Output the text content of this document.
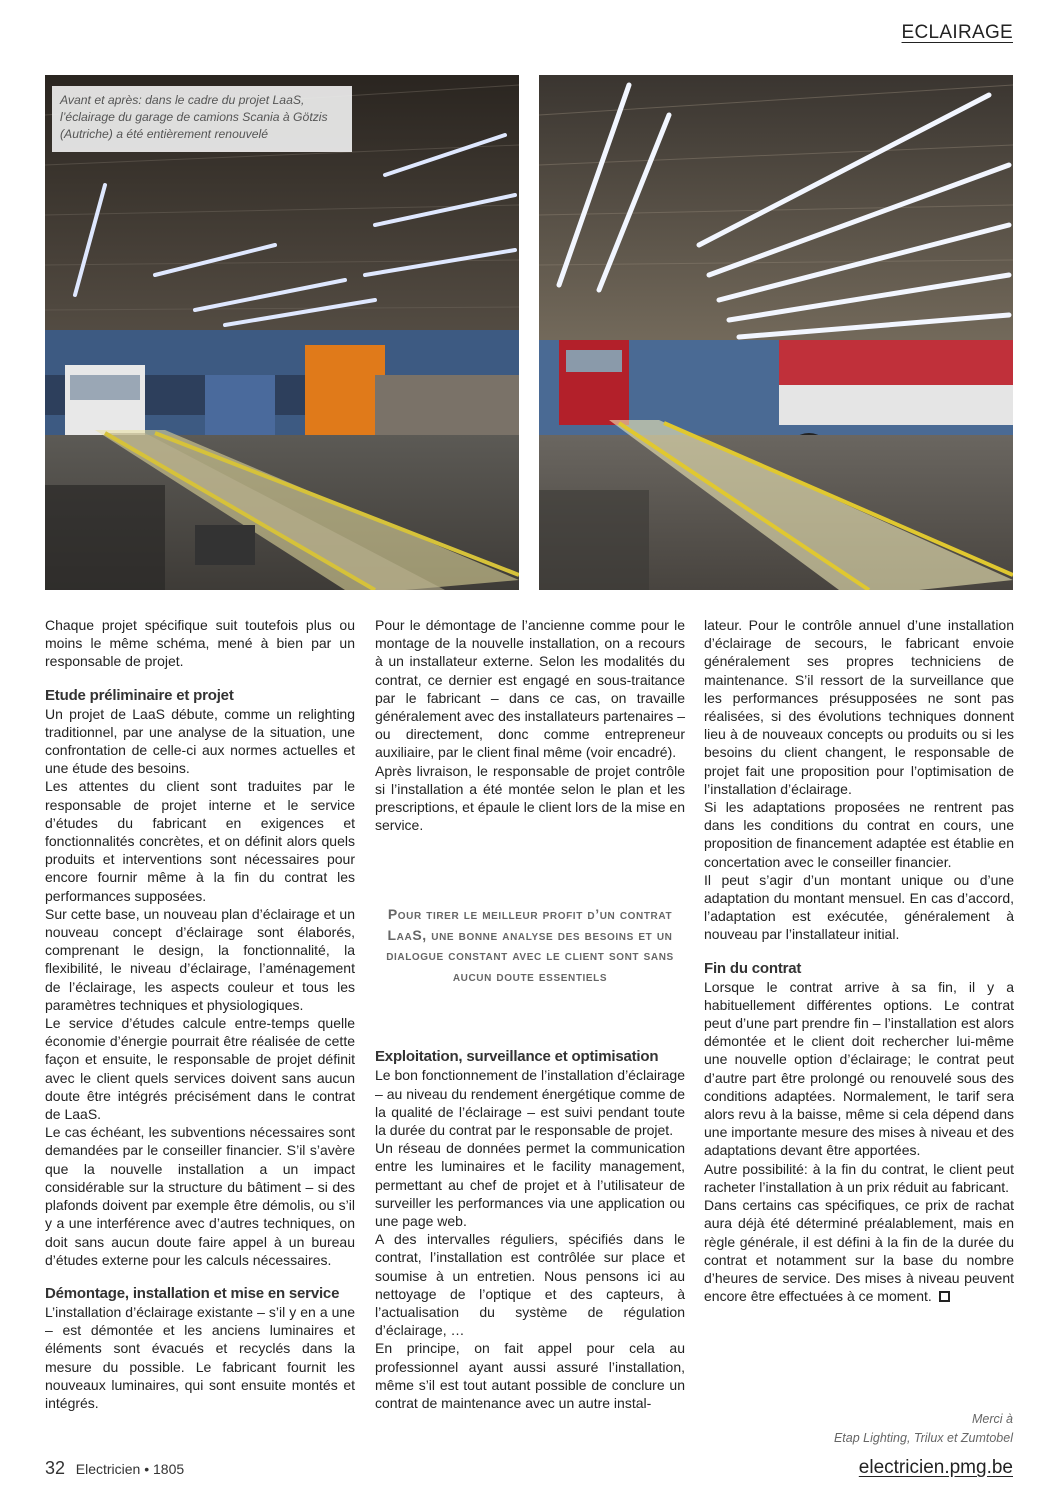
ECLAIRAGE
Avant et après: dans le cadre du projet LaaS,
l’éclairage du garage de camions Scania à Götzis
(Autriche) a été entièrement renouvelé

Chaque projet spécifique suit toutefois plus ou moins le même schéma, mené à bien par un responsable de projet.

Etude préliminaire et projet

Un projet de LaaS débute, comme un relighting traditionnel, par une analyse de la situation, une confrontation de celle-ci aux normes actuelles et une étude des besoins.

Les attentes du client sont traduites par le responsable de projet interne et le service d’études du fabricant en exigences et fonctionnalités concrètes, et on définit alors quels produits et interventions sont nécessaires pour encore fournir même à la fin du contrat les performances supposées.

Sur cette base, un nouveau plan d’éclairage et un nouveau concept d’éclairage sont élaborés, comprenant le design, la fonctionnalité, la flexibilité, le niveau d’éclairage, l’aménagement de l’éclairage, les aspects couleur et tous les paramètres techniques et physiologiques.

Le service d’études calcule entre-temps quelle économie d’énergie pourrait être réalisée de cette façon et ensuite, le responsable de projet définit avec le client quels services doivent sans aucun doute être intégrés précisément dans le contrat de LaaS.

Le cas échéant, les subventions nécessaires sont demandées par le conseiller financier. S’il s’avère que la nouvelle installation a un impact considérable sur la structure du bâtiment – si des plafonds doivent par exemple être démolis, ou s’il y a une interférence avec d’autres techniques, on doit sans aucun doute faire appel à un bureau d’études externe pour les calculs nécessaires.

Démontage, installation et mise en service

L’installation d’éclairage existante – s’il y en a une – est démontée et les anciens luminaires et éléments sont évacués et recyclés dans la mesure du possible. Le fabricant fournit les nouveaux luminaires, qui sont ensuite montés et intégrés.

Pour le démontage de l’ancienne comme pour le montage de la nouvelle installation, on a recours à un installateur externe. Selon les modalités du contrat, ce dernier est engagé en sous-traitance par le fabricant – dans ce cas, on travaille généralement avec des installateurs partenaires – ou directement, donc comme entrepreneur auxiliaire, par le client final même (voir encadré).

Après livraison, le responsable de projet contrôle si l’installation a été montée selon le plan et les prescriptions, et épaule le client lors de la mise en service.

Exploitation, surveillance et optimisation

Le bon fonctionnement de l’installation d’éclairage – au niveau du rendement énergétique comme de la qualité de l’éclairage – est suivi pendant toute la durée du contrat par le responsable de projet.

Un réseau de données permet la communication entre les luminaires et le facility management, permettant au chef de projet et à l’utilisateur de surveiller les performances via une application ou une page web.

A des intervalles réguliers, spécifiés dans le contrat, l’installation est contrôlée sur place et soumise à un entretien. Nous pensons ici au nettoyage de l’optique et des capteurs, à l’actualisation du système de régulation d’éclairage, …

En principe, on fait appel pour cela au professionnel ayant aussi assuré l’installation, même s’il est tout autant possible de conclure un contrat de maintenance avec un autre instal-

Pour tirer le meilleur profit d’un contrat LaaS, une bonne analyse des besoins et un dialogue constant avec le client sont sans aucun doute essentiels

lateur. Pour le contrôle annuel d’une installation d’éclairage de secours, le fabricant envoie généralement ses propres techniciens de maintenance. S’il ressort de la surveillance que les performances présupposées ne sont pas réalisées, si des évolutions techniques donnent lieu à de nouveaux concepts ou produits ou si les besoins du client changent, le responsable de projet fait une proposition pour l’optimisation de l’installation d’éclairage.

Si les adaptations proposées ne rentrent pas dans les conditions du contrat en cours, une proposition de financement adaptée est établie en concertation avec le conseiller financier.

Il peut s’agir d’un montant unique ou d’une adaptation du montant mensuel. En cas d’accord, l’adaptation est exécutée, généralement à nouveau par l’installateur initial.

Fin du contrat

Lorsque le contrat arrive à sa fin, il y a habituellement différentes options. Le contrat peut d’une part prendre fin – l’installation est alors démontée et le client doit rechercher lui-même une nouvelle option d’éclairage; le contrat peut d’autre part être prolongé ou renouvelé sous des conditions adaptées. Normalement, le tarif sera alors revu à la baisse, même si cela dépend dans une importante mesure des mises à niveau et des adaptations devant être apportées.

Autre possibilité: à la fin du contrat, le client peut racheter l’installation à un prix réduit au fabricant.

Dans certains cas spécifiques, ce prix de rachat aura déjà été déterminé préalablement, mais en règle générale, il est défini à la fin de la durée du contrat et notamment sur la base du nombre d’heures de service. Des mises à niveau peuvent encore être effectuées à ce moment.

Merci à
Etap Lighting, Trilux et Zumtobel
32 Electricien • 1805	electricien.pmg.be
